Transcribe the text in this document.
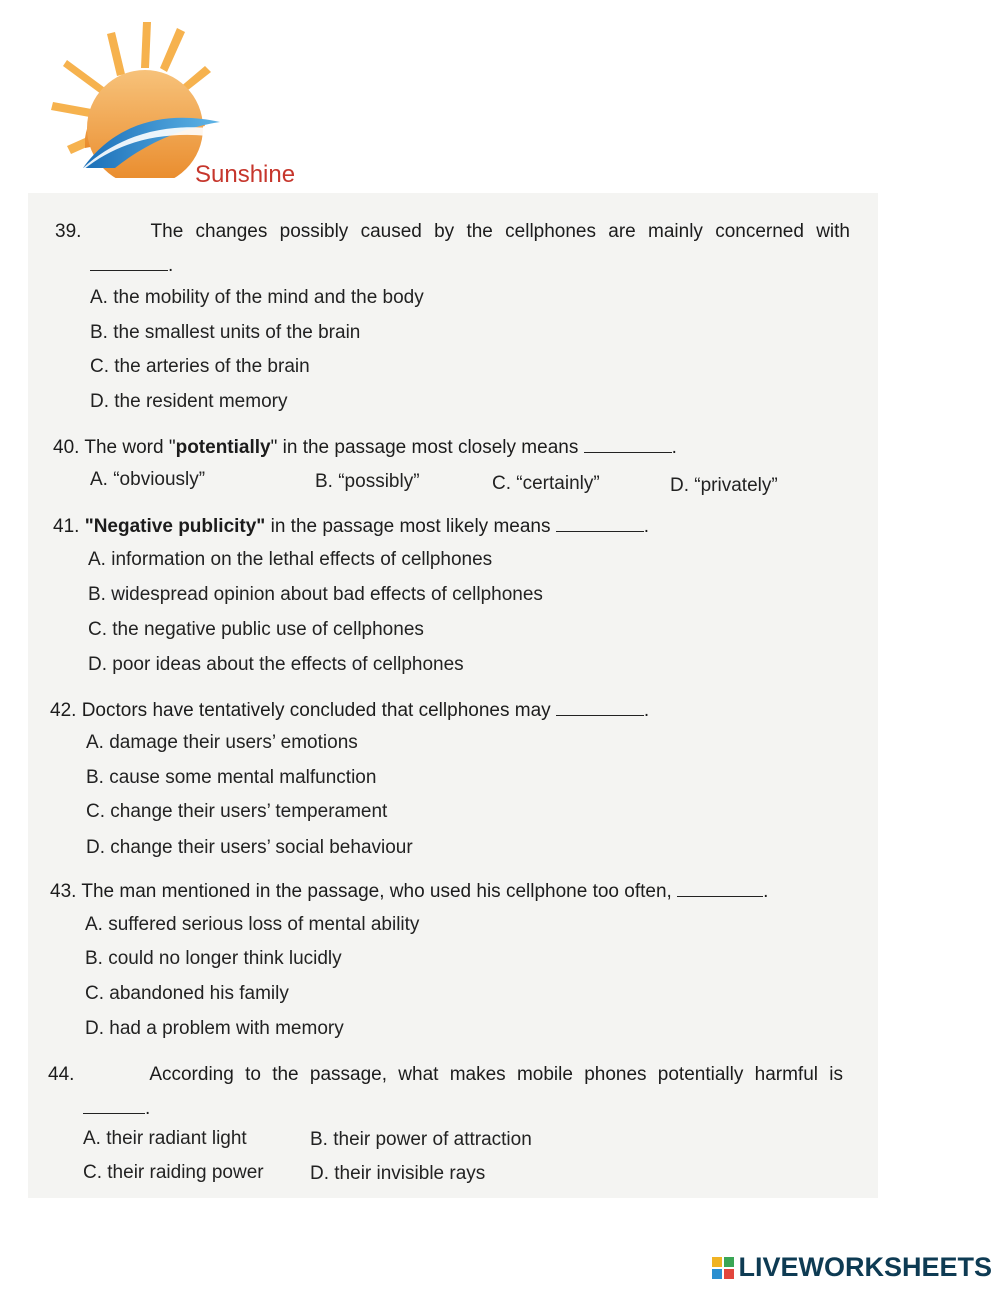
Sunshine
39.	The changes possibly caused by the cellphones are mainly concerned with
.
A. the mobility of the mind and the body
B. the smallest units of the brain
C. the arteries of the brain
D. the resident memory
40. The word "potentially" in the passage most closely means	.
A. “obviously”	B. “possibly”	C. “certainly”	D. “privately”
41. "Negative publicity" in the passage most likely means	.
A. information on the lethal effects of cellphones
B. widespread opinion about bad effects of cellphones
C. the negative public use of cellphones
D. poor ideas about the effects of cellphones
42. Doctors have tentatively concluded that cellphones may	.
A. damage their users’ emotions
B. cause some mental malfunction
C. change their users’ temperament
D. change their users’ social behaviour
43. The man mentioned in the passage, who used his cellphone too often,	.
A. suffered serious loss of mental ability
B. could no longer think lucidly
C. abandoned his family
D. had a problem with memory
44.	According to the passage, what makes mobile phones potentially harmful is
.
A. their radiant light	B. their power of attraction
C. their raiding power D. their invisible rays
LIVEWORKSHEETS
